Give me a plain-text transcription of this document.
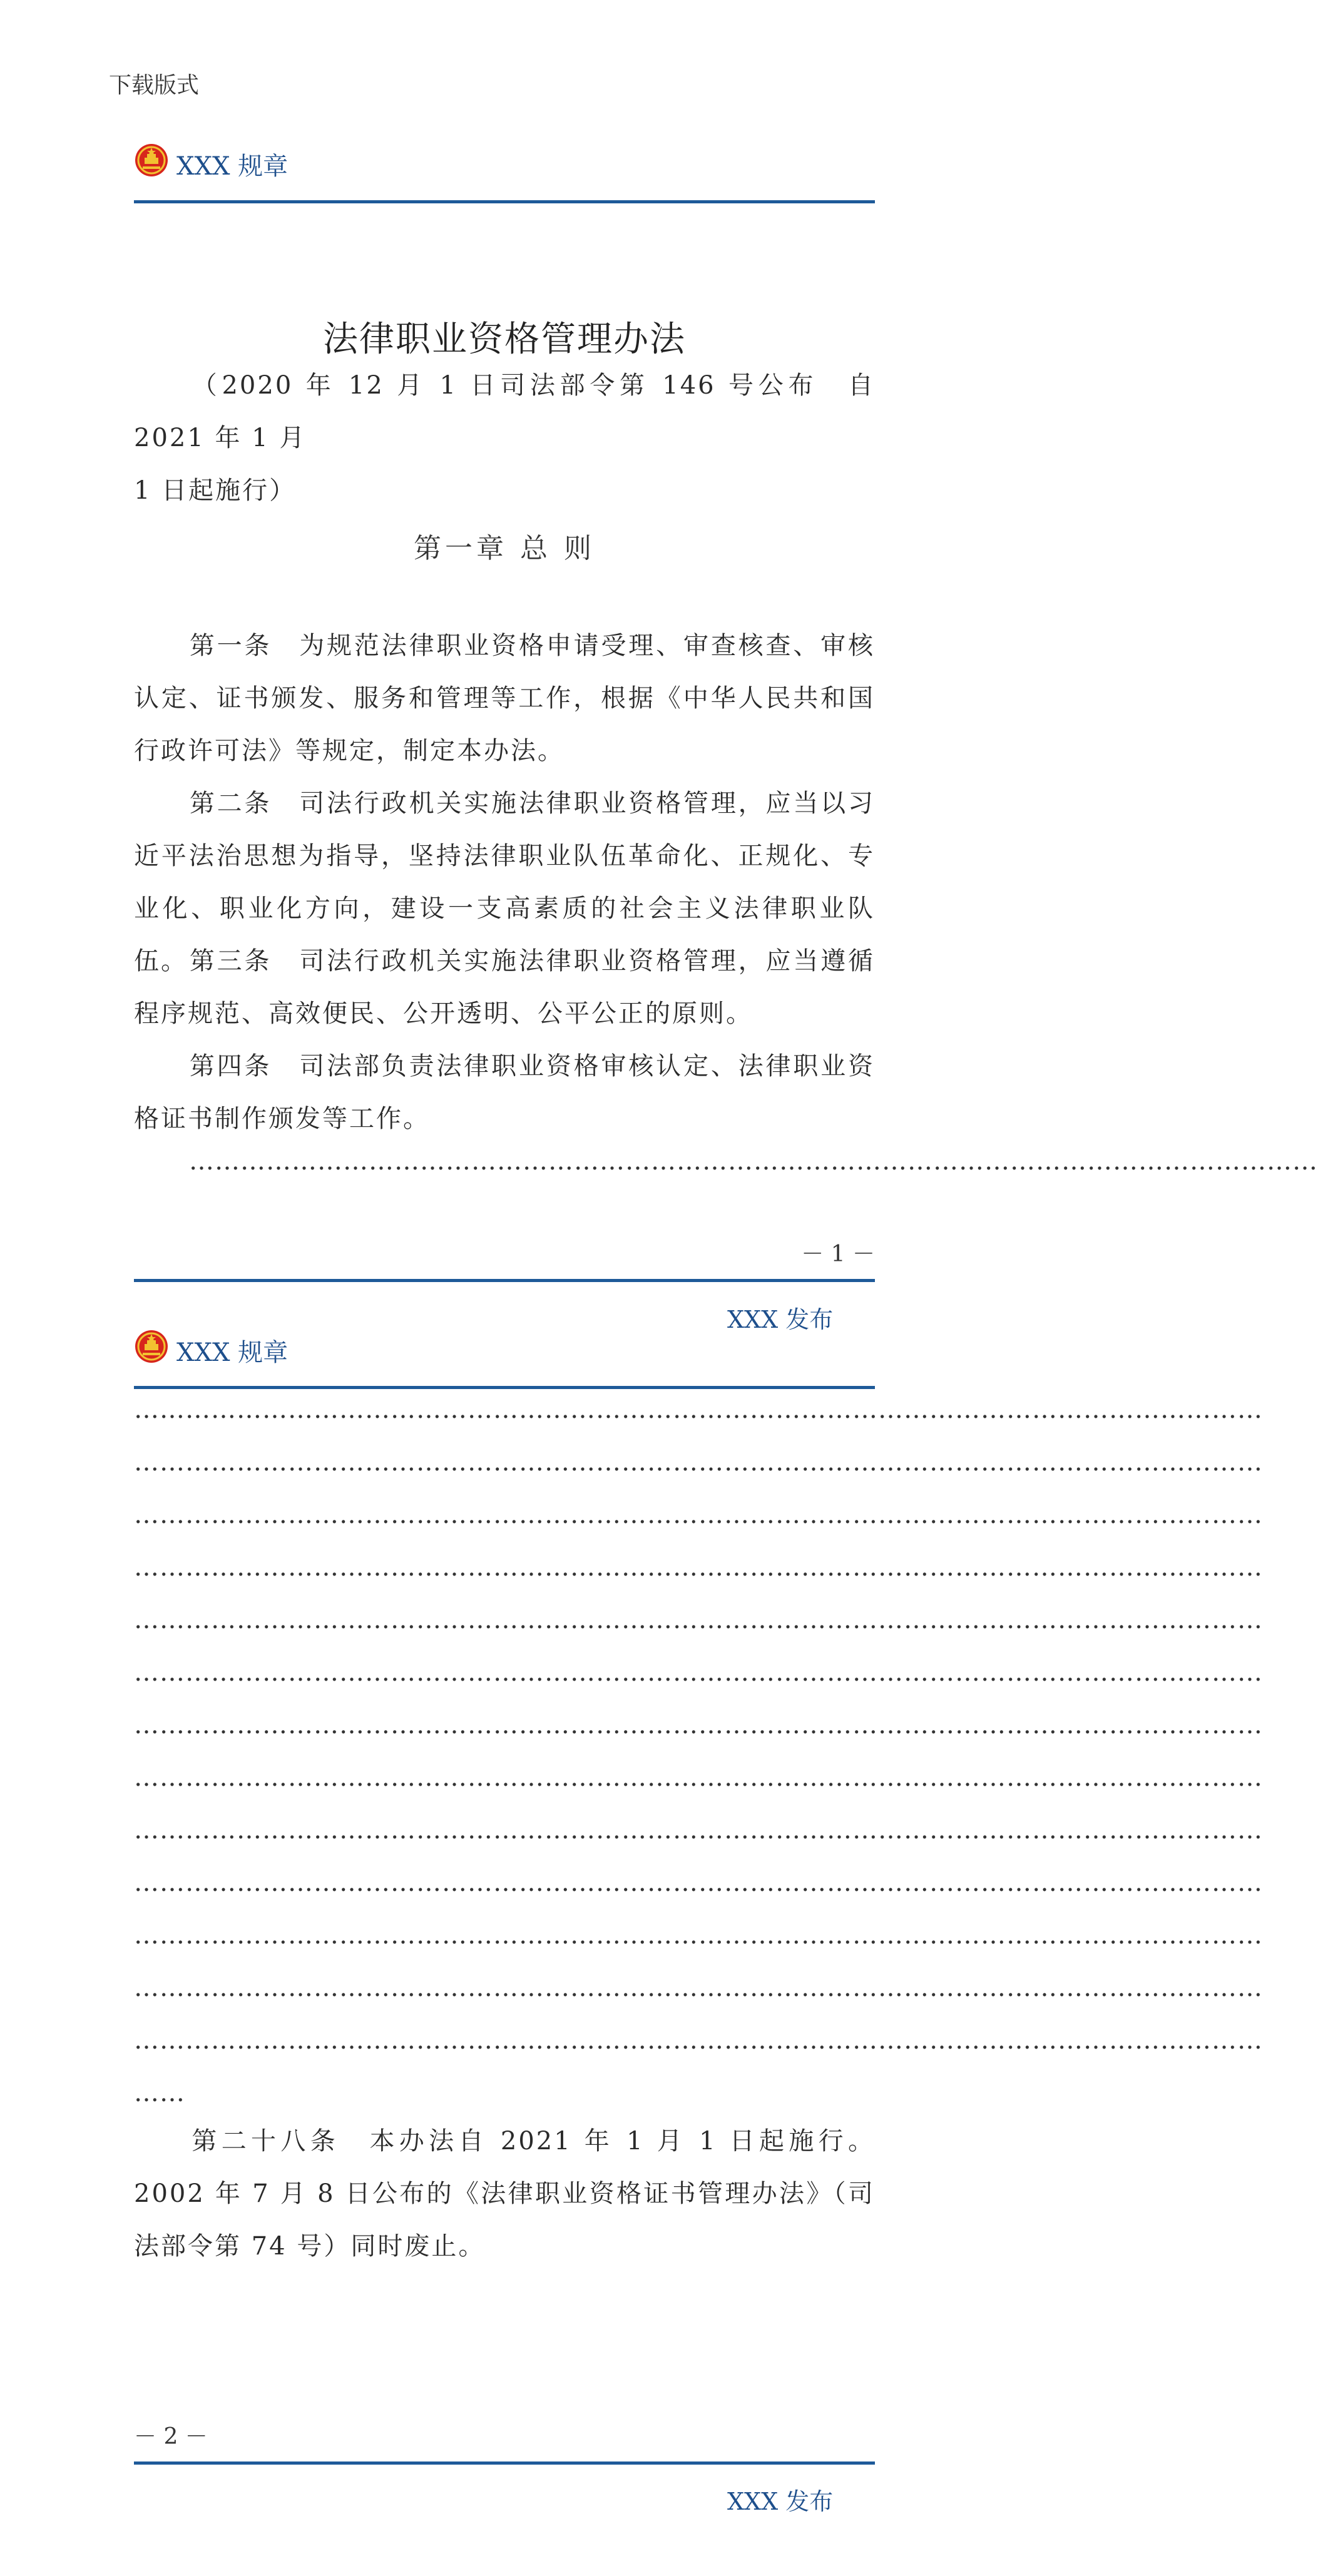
下载版式
XXX 规章
法律职业资格管理办法
（2020 年 12 月 1 日司法部令第 146 号公布　自 2021 年 1 月
1 日起施行）
第一章 总 则
第一条　 为规范法律职业资格申请受理、审查核查、审核认定、证书颁发、服务和管理等工作，根据《中华人民共和国行政许可法》等规定，制定本办法。
第二条　 司法行政机关实施法律职业资格管理，应当以习近平法治思想为指导，坚持法律职业队伍革命化、正规化、专业化、职业化方向，建设一支高素质的社会主义法律职业队伍。 第三条　 司法行政机关实施法律职业资格管理，应当遵循程序规范、高效便民、公开透明、公平公正的原则。
第四条　 司法部负责法律职业资格审核认定、法律职业资格证书制作颁发等工作。
……………………………………………………………………………………………………………………
－ 1 －
XXX 发布
XXX 规章
……………………………………………………………………………………………………………………
……………………………………………………………………………………………………………………
……………………………………………………………………………………………………………………
……………………………………………………………………………………………………………………
……………………………………………………………………………………………………………………
……………………………………………………………………………………………………………………
……………………………………………………………………………………………………………………
……………………………………………………………………………………………………………………
……………………………………………………………………………………………………………………
……………………………………………………………………………………………………………………
……………………………………………………………………………………………………………………
……………………………………………………………………………………………………………………
……………………………………………………………………………………………………………………
……
第二十八条　 本办法自 2021 年 1 月 1 日起施行。2002 年 7 月 8 日公布的《法律职业资格证书管理办法》（司法部令第 74 号）同时废止。
－ 2 －
XXX 发布
